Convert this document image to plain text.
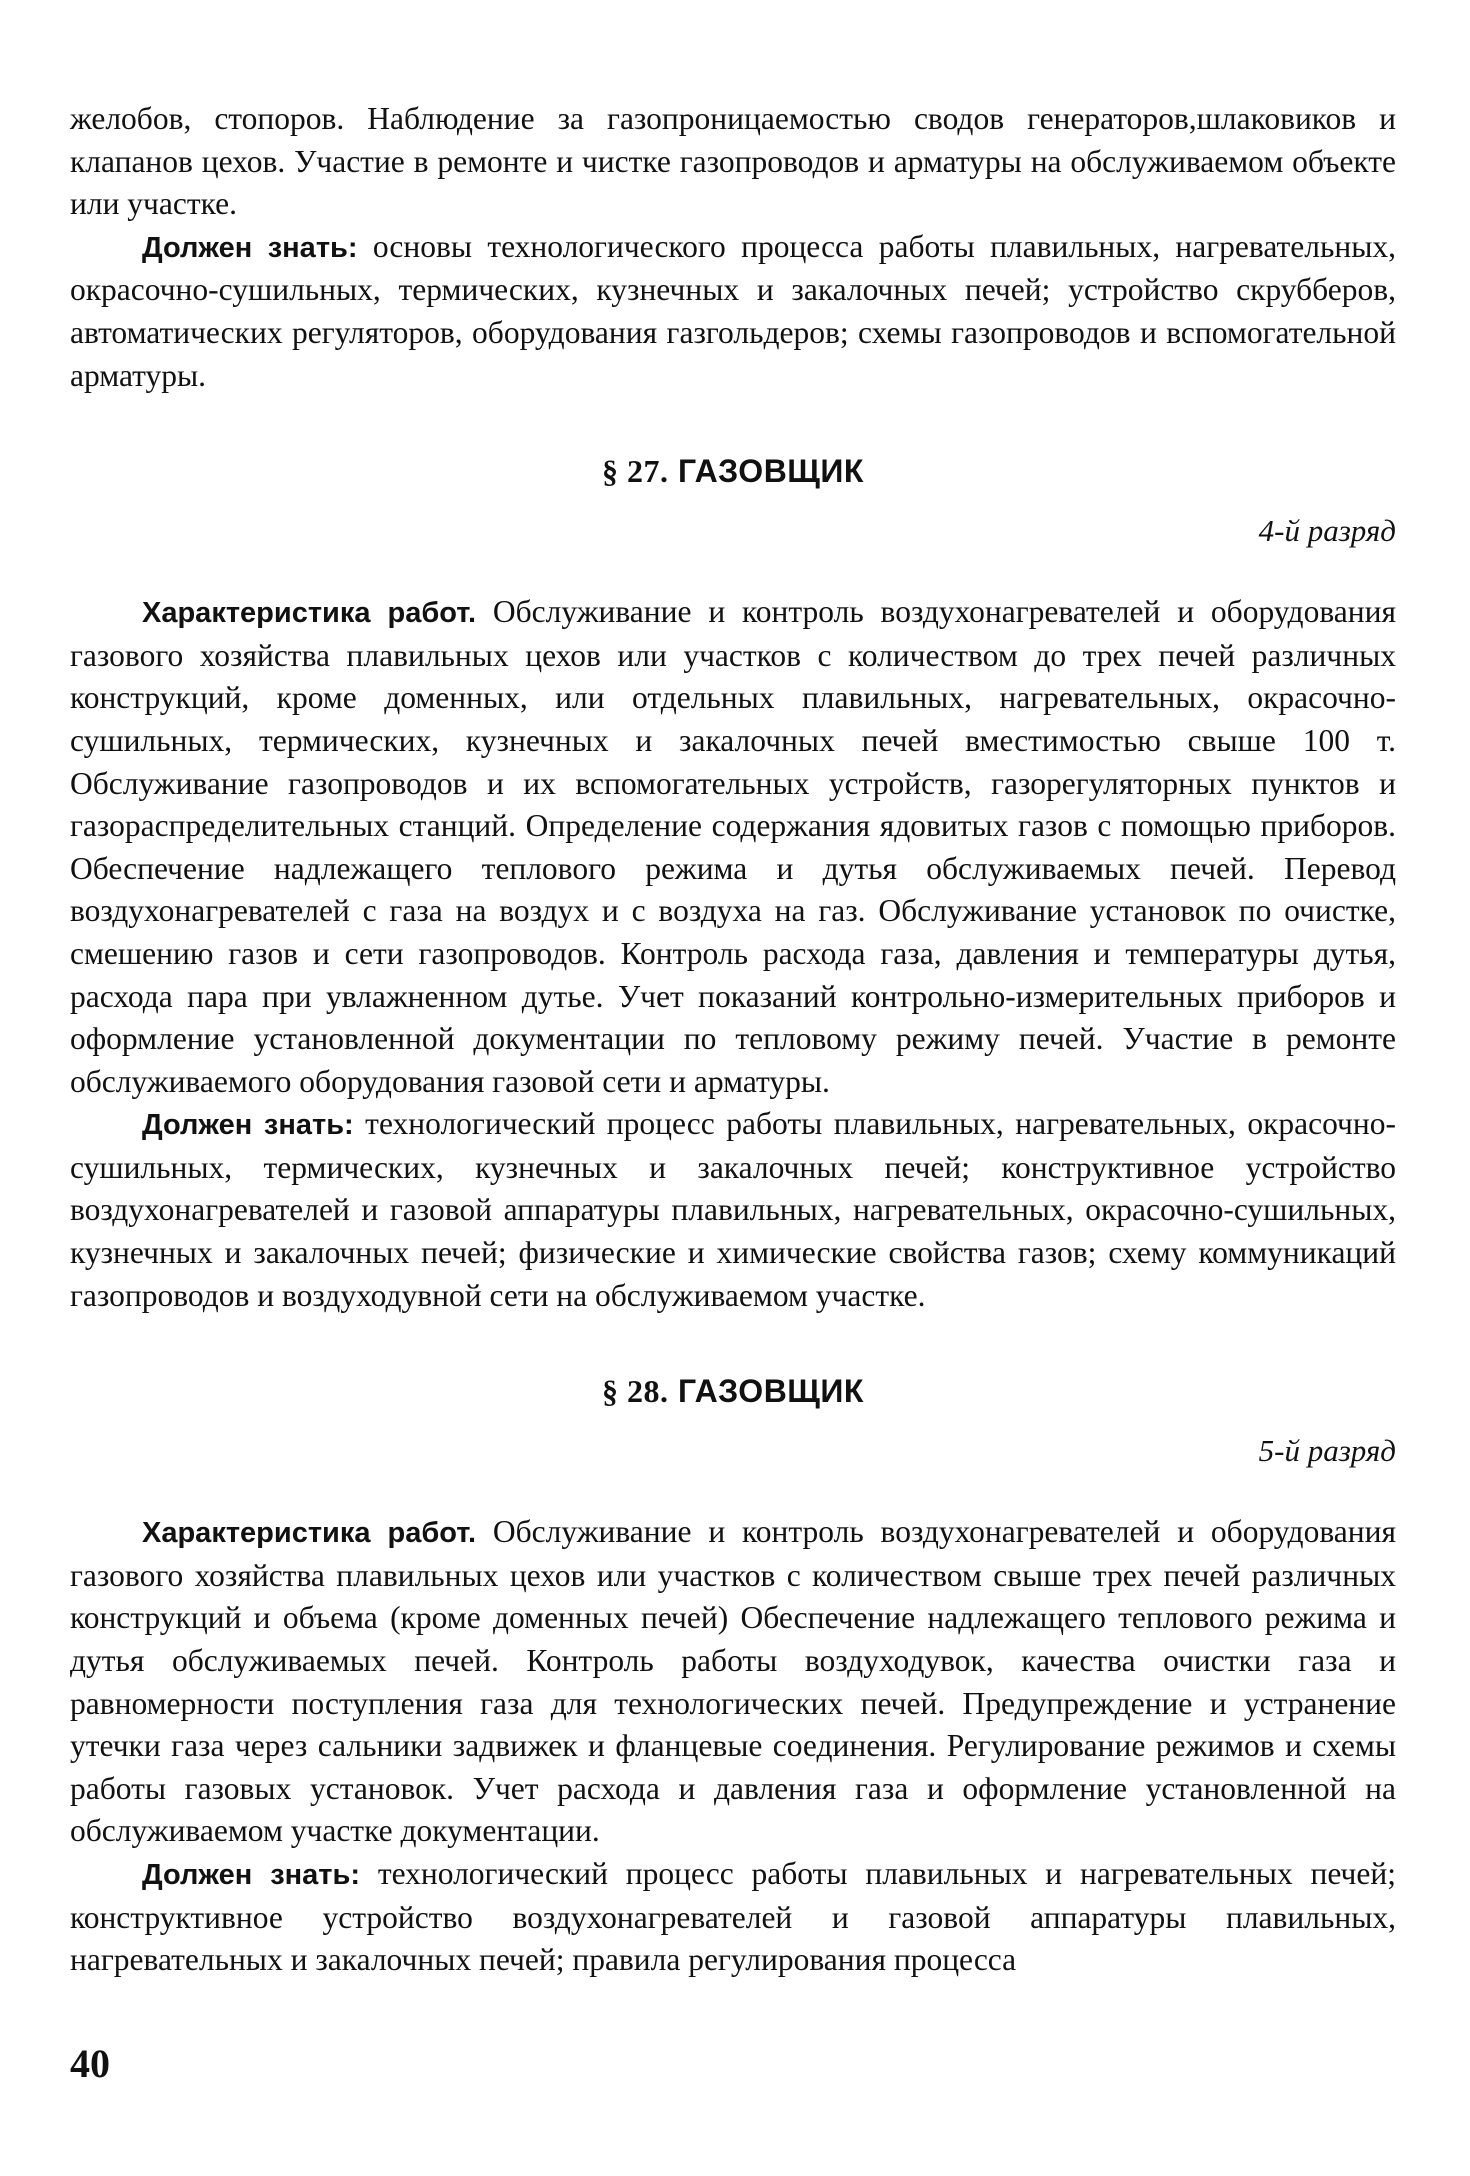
желобов, стопоров. Наблюдение за газопроницаемостью сводов генераторов,шлаковиков и клапанов цехов. Участие в ремонте и чистке газопроводов и арматуры на обслуживаемом объекте или участке.

Должен знать: основы технологического процесса работы плавильных, нагревательных, окрасочно-сушильных, термических, кузнечных и закалочных печей; устройство скрубберов, автоматических регуляторов, оборудования газгольдеров; схемы газопроводов и вспомогательной арматуры.

§ 27. ГАЗОВЩИК
4-й разряд

Характеристика работ. Обслуживание и контроль воздухонагревателей и оборудования газового хозяйства плавильных цехов или участков с количеством до трех печей различных конструкций, кроме доменных, или отдельных плавильных, нагревательных, окрасочно-сушильных, термических, кузнечных и закалочных печей вместимостью свыше 100 т. Обслуживание газопроводов и их вспомогательных устройств, газорегуляторных пунктов и газораспределительных станций. Определение содержания ядовитых газов с помощью приборов. Обеспечение надлежащего теплового режима и дутья обслуживаемых печей. Перевод воздухонагревателей с газа на воздух и с воздуха на газ. Обслуживание установок по очистке, смешению газов и сети газопроводов. Контроль расхода газа, давления и температуры дутья, расхода пара при увлажненном дутье. Учет показаний контрольно-измерительных приборов и оформление установленной документации по тепловому режиму печей. Участие в ремонте обслуживаемого оборудования газовой сети и арматуры.

Должен знать: технологический процесс работы плавильных, нагревательных, окрасочно-сушильных, термических, кузнечных и закалочных печей; конструктивное устройство воздухонагревателей и газовой аппаратуры плавильных, нагревательных, окрасочно-сушильных, кузнечных и закалочных печей; физические и химические свойства газов; схему коммуникаций газопроводов и воздуходувной сети на обслуживаемом участке.

§ 28. ГАЗОВЩИК
5-й разряд

Характеристика работ. Обслуживание и контроль воздухонагревателей и оборудования газового хозяйства плавильных цехов или участков с количеством свыше трех печей различных конструкций и объема (кроме доменных печей) Обеспечение надлежащего теплового режима и дутья обслуживаемых печей. Контроль работы воздуходувок, качества очистки газа и равномерности поступления газа для технологических печей. Предупреждение и устранение утечки газа через сальники задвижек и фланцевые соединения. Регулирование режимов и схемы работы газовых установок. Учет расхода и давления газа и оформление установленной на обслуживаемом участке документации.

Должен знать: технологический процесс работы плавильных и нагревательных печей; конструктивное устройство воздухонагревателей и газовой аппаратуры плавильных, нагревательных и закалочных печей; правила регулирования процесса

40
